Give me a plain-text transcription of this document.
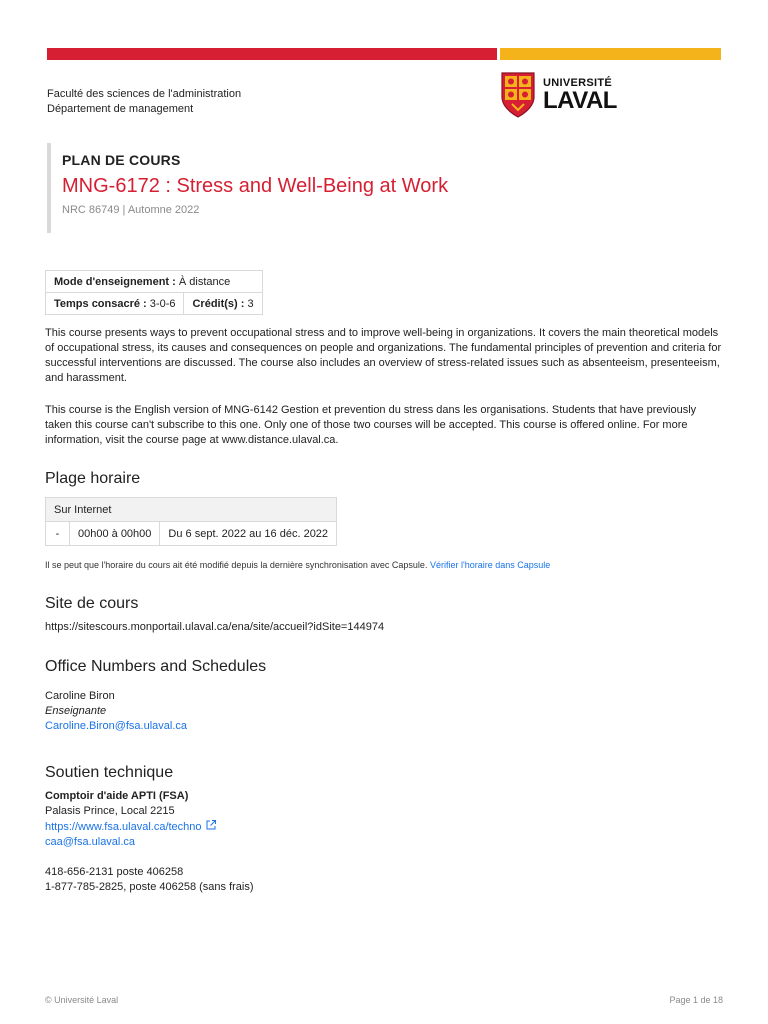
Faculté des sciences de l'administration
Département de management
UNIVERSITÉ
LAVAL
PLAN DE COURS
MNG-6172 : Stress and Well-Being at Work
NRC 86749 | Automne 2022
Mode d'enseignement : À distance
Temps consacré : 3-0-6	Crédit(s) : 3

This course presents ways to prevent occupational stress and to improve well-being in organizations. It covers the main theoretical models of occupational stress, its causes and consequences on people and organizations. The fundamental principles of prevention and criteria for successful interventions are discussed. The course also includes an overview of stress-related issues such as absenteeism, presenteeism, and harassment.

This course is the English version of MNG-6142 Gestion et prevention du stress dans les organisations. Students that have previously taken this course can't subscribe to this one. Only one of those two courses will be accepted. This course is offered online. For more information, visit the course page at www.distance.ulaval.ca.

Plage horaire
Sur Internet
-	00h00 à 00h00	Du 6 sept. 2022 au 16 déc. 2022
Il se peut que l'horaire du cours ait été modifié depuis la dernière synchronisation avec Capsule. Vérifier l'horaire dans Capsule
Site de cours
https://sitescours.monportail.ulaval.ca/ena/site/accueil?idSite=144974
Office Numbers and Schedules
Caroline Biron
Enseignante
Caroline.Biron@fsa.ulaval.ca
Soutien technique
Comptoir d'aide APTI (FSA)
Palasis Prince, Local 2215
https://www.fsa.ulaval.ca/techno
caa@fsa.ulaval.ca
418-656-2131 poste 406258
1-877-785-2825, poste 406258 (sans frais)
© Université Laval	Page 1 de 18
